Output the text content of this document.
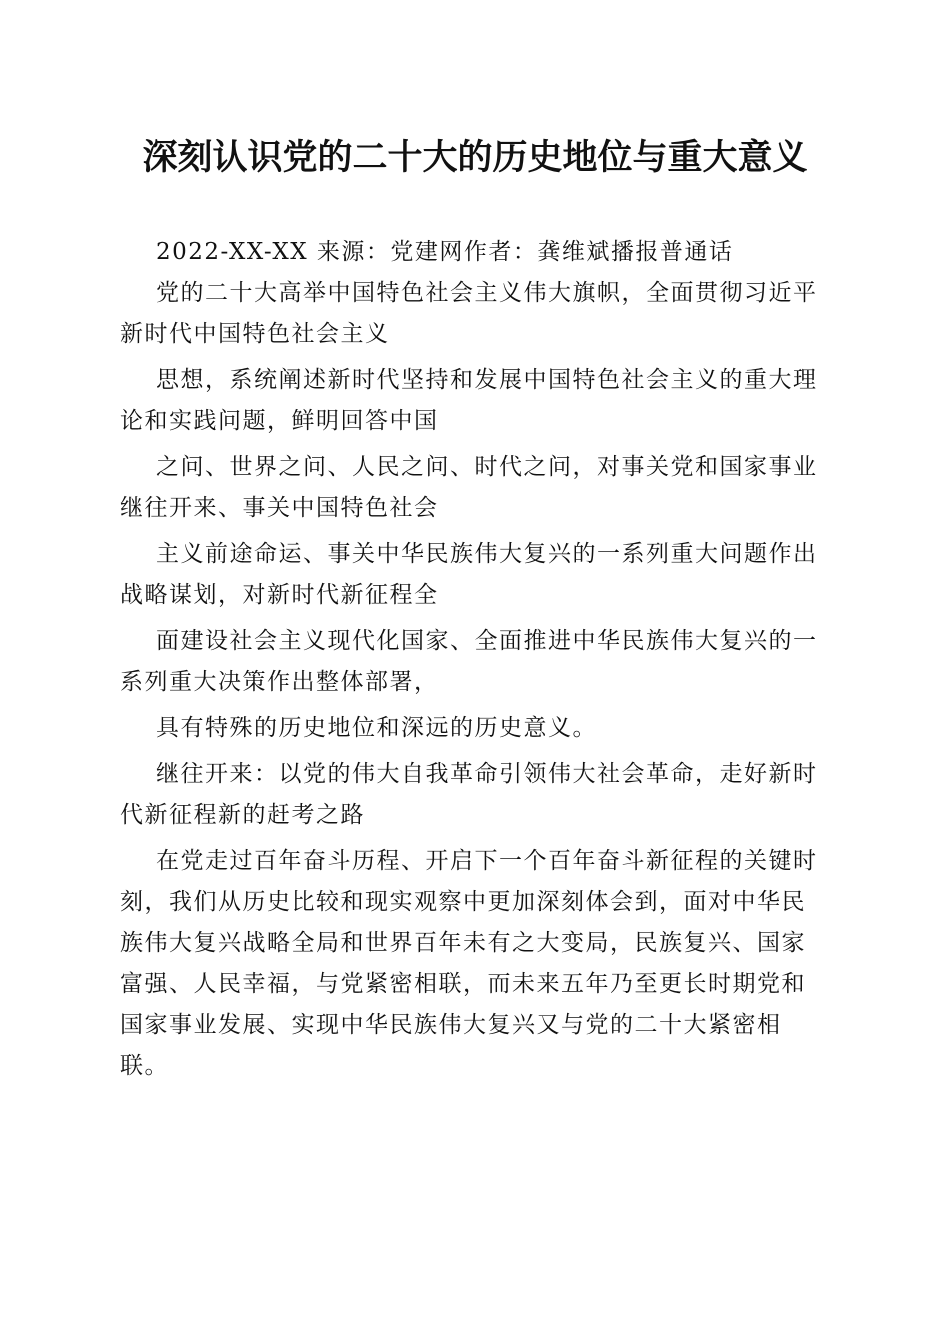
深刻认识党的二十大的历史地位与重大意义

2022-XX-XX 来源：党建网作者：龚维斌播报普通话

党的二十大高举中国特色社会主义伟大旗帜，全面贯彻习近平新时代中国特色社会主义

思想，系统阐述新时代坚持和发展中国特色社会主义的重大理论和实践问题，鲜明回答中国

之问、世界之问、人民之问、时代之问，对事关党和国家事业继往开来、事关中国特色社会

主义前途命运、事关中华民族伟大复兴的一系列重大问题作出战略谋划，对新时代新征程全

面建设社会主义现代化国家、全面推进中华民族伟大复兴的一系列重大决策作出整体部署，

具有特殊的历史地位和深远的历史意义。

继往开来：以党的伟大自我革命引领伟大社会革命，走好新时代新征程新的赶考之路

在党走过百年奋斗历程、开启下一个百年奋斗新征程的关键时刻，我们从历史比较和现实观察中更加深刻体会到，面对中华民族伟大复兴战略全局和世界百年未有之大变局，民族复兴、国家富强、人民幸福，与党紧密相联，而未来五年乃至更长时期党和国家事业发展、实现中华民族伟大复兴又与党的二十大紧密相联。
